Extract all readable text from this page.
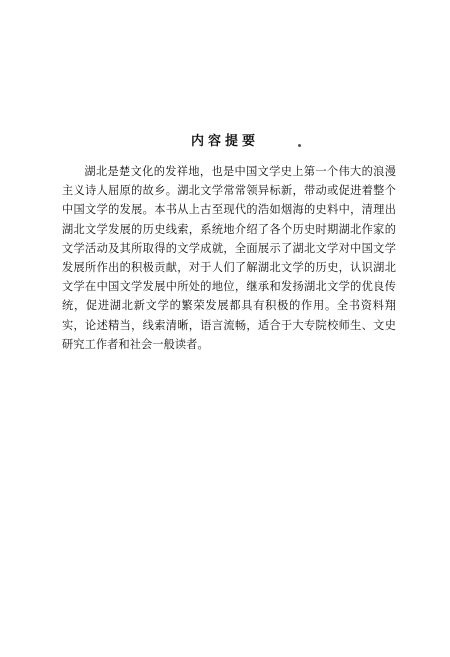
内容提要

湖北是楚文化的发祥地，也是中国文学史上第一个伟大的浪漫主义诗人屈原的故乡。湖北文学常常领异标新，带动或促进着整个中国文学的发展。本书从上古至现代的浩如烟海的史料中，清理出湖北文学发展的历史线索，系统地介绍了各个历史时期湖北作家的文学活动及其所取得的文学成就，全面展示了湖北文学对中国文学发展所作出的积极贡献，对于人们了解湖北文学的历史，认识湖北文学在中国文学发展中所处的地位，继承和发扬湖北文学的优良传统，促进湖北新文学的繁荣发展都具有积极的作用。全书资料翔实，论述精当，线索清晰，语言流畅，适合于大专院校师生、文史研究工作者和社会一般读者。
